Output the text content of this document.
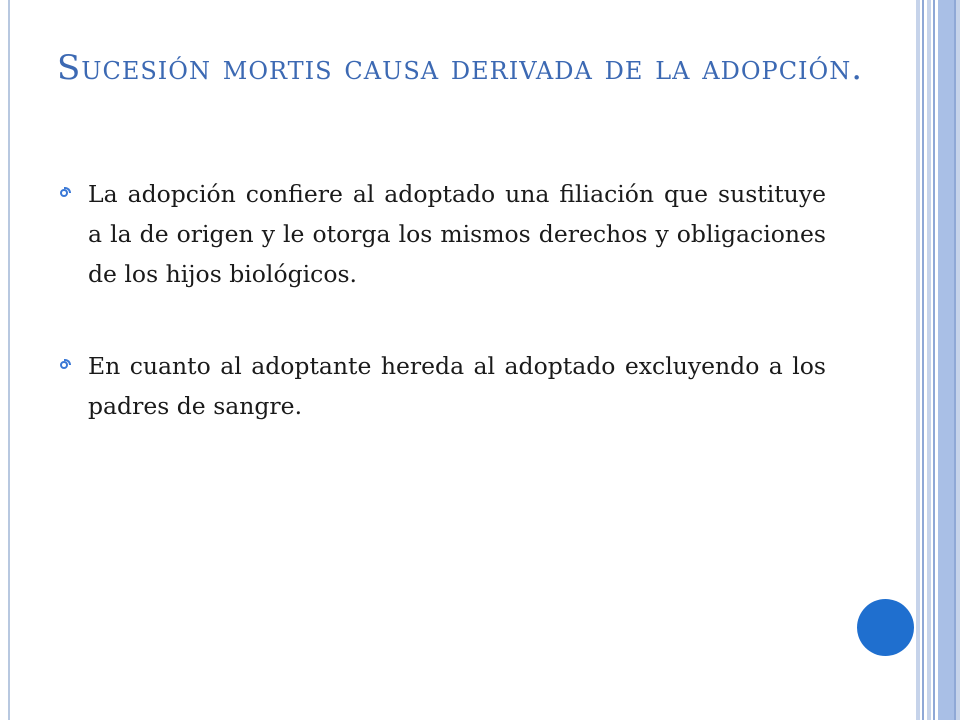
Sucesión mortis causa derivada de la adopción.
La adopción confiere al adoptado una filiación que sustituye a la de origen y le otorga los mismos derechos y obligaciones de los hijos biológicos.
En cuanto al adoptante hereda al adoptado excluyendo a los padres de sangre.
